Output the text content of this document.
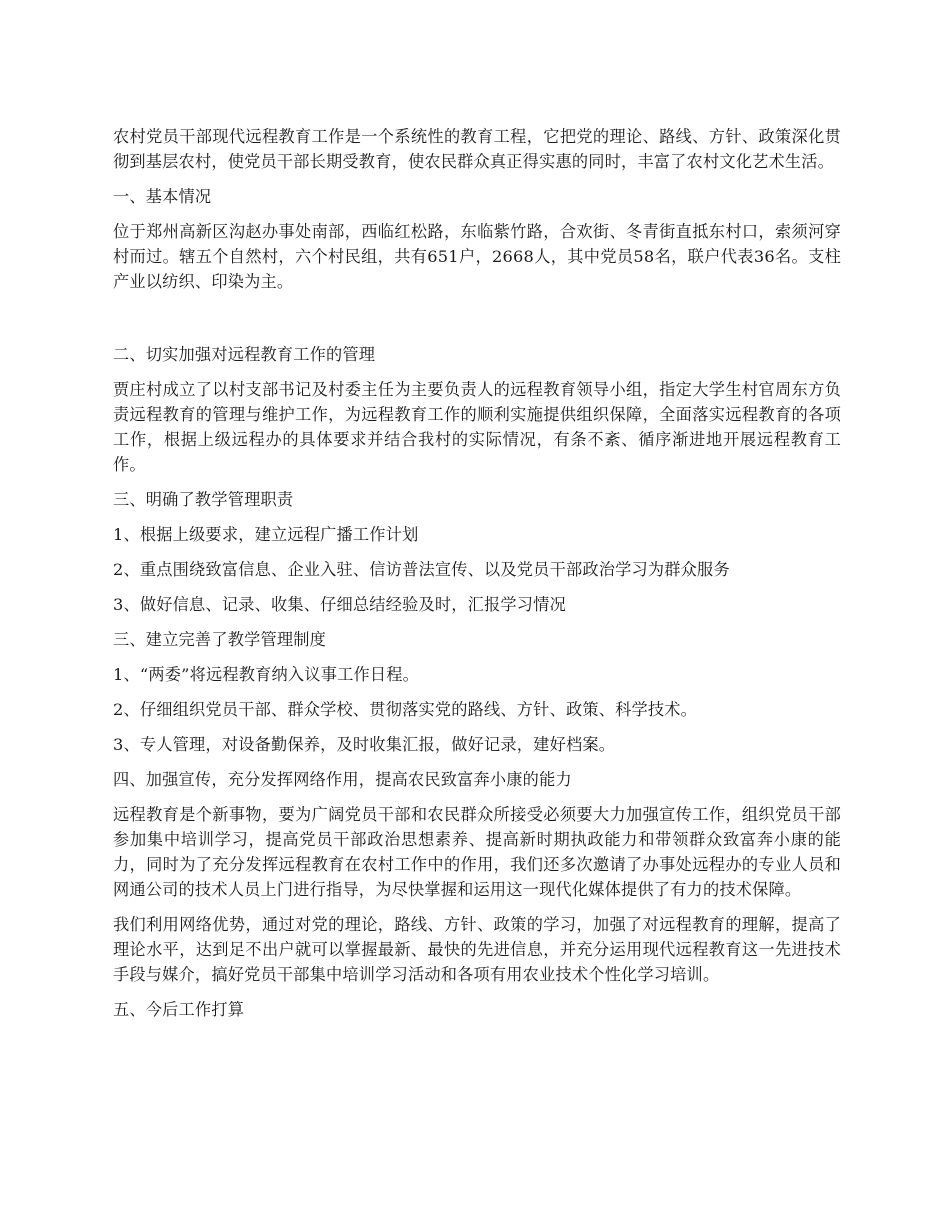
农村党员干部现代远程教育工作是一个系统性的教育工程，它把党的理论、路线、方针、政策深化贯彻到基层农村，使党员干部长期受教育，使农民群众真正得实惠的同时，丰富了农村文化艺术生活。

一、基本情况

位于郑州高新区沟赵办事处南部，西临红松路，东临紫竹路，合欢街、冬青街直抵东村口，索须河穿村而过。辖五个自然村，六个村民组，共有651户，2668人，其中党员58名，联户代表36名。支柱产业以纺织、印染为主。

二、切实加强对远程教育工作的管理

贾庄村成立了以村支部书记及村委主任为主要负责人的远程教育领导小组，指定大学生村官周东方负责远程教育的管理与维护工作，为远程教育工作的顺利实施提供组织保障，全面落实远程教育的各项工作，根据上级远程办的具体要求并结合我村的实际情况，有条不紊、循序渐进地开展远程教育工作。

三、明确了教学管理职责

1、根据上级要求，建立远程广播工作计划

2、重点围绕致富信息、企业入驻、信访普法宣传、以及党员干部政治学习为群众服务

3、做好信息、记录、收集、仔细总结经验及时，汇报学习情况

三、建立完善了教学管理制度

1、“两委”将远程教育纳入议事工作日程。

2、仔细组织党员干部、群众学校、贯彻落实党的路线、方针、政策、科学技术。

3、专人管理，对设备勤保养，及时收集汇报，做好记录，建好档案。

四、加强宣传，充分发挥网络作用，提高农民致富奔小康的能力

远程教育是个新事物，要为广阔党员干部和农民群众所接受必须要大力加强宣传工作，组织党员干部参加集中培训学习，提高党员干部政治思想素养、提高新时期执政能力和带领群众致富奔小康的能力，同时为了充分发挥远程教育在农村工作中的作用，我们还多次邀请了办事处远程办的专业人员和网通公司的技术人员上门进行指导，为尽快掌握和运用这一现代化媒体提供了有力的技术保障。

我们利用网络优势，通过对党的理论，路线、方针、政策的学习，加强了对远程教育的理解，提高了理论水平，达到足不出户就可以掌握最新、最快的先进信息，并充分运用现代远程教育这一先进技术手段与媒介，搞好党员干部集中培训学习活动和各项有用农业技术个性化学习培训。

五、今后工作打算
